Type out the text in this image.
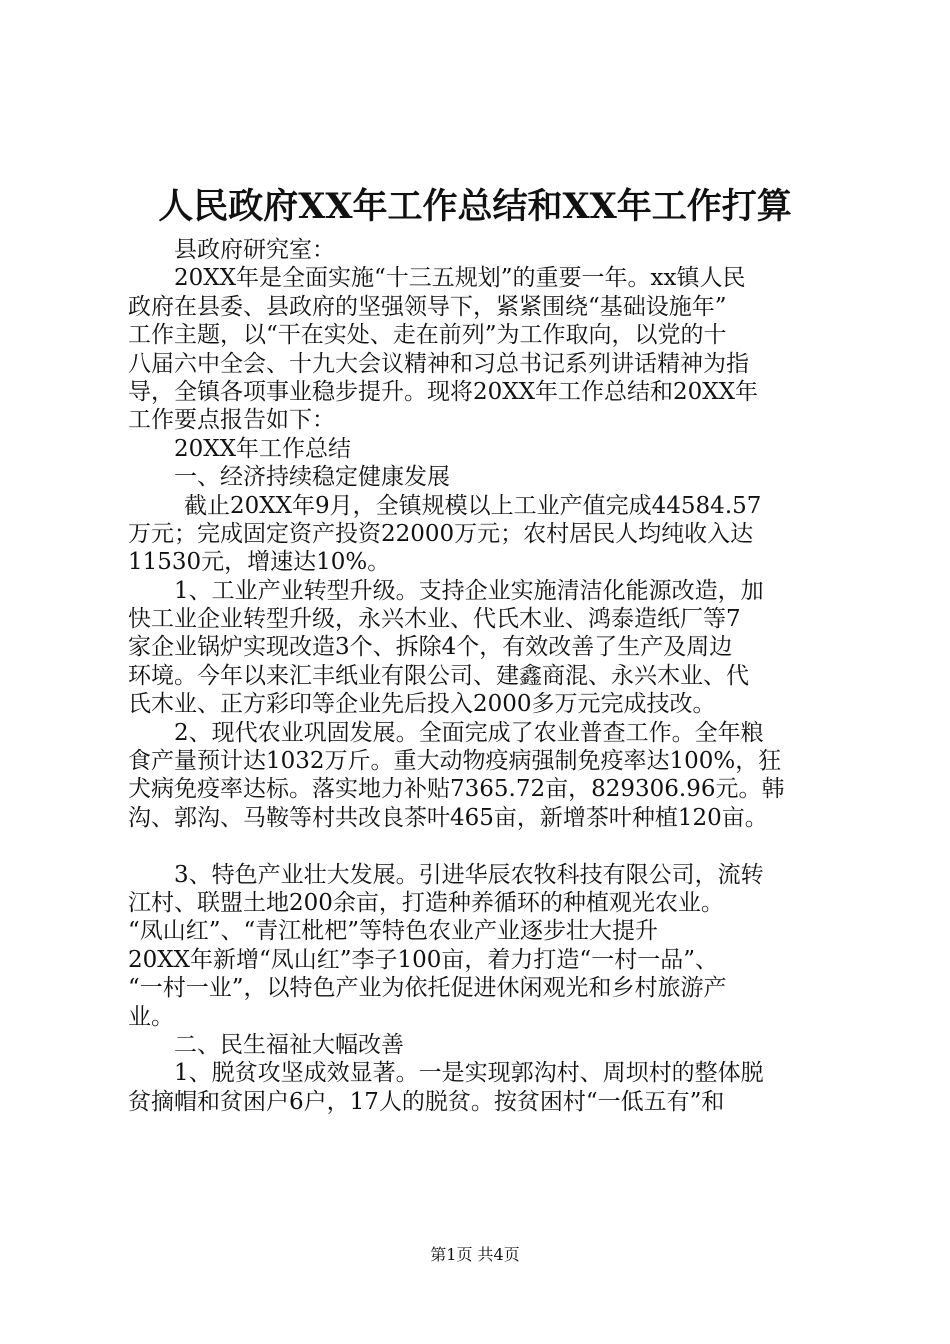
人民政府XX年工作总结和XX年工作打算
县政府研究室：
20XX年是全面实施“十三五规划”的重要一年。xx镇人民
政府在县委、县政府的坚强领导下，紧紧围绕“基础设施年”
工作主题，以“干在实处、走在前列”为工作取向，以党的十
八届六中全会、十九大会议精神和习总书记系列讲话精神为指
导，全镇各项事业稳步提升。现将20XX年工作总结和20XX年
工作要点报告如下：
20XX年工作总结
一、经济持续稳定健康发展
截止20XX年9月，全镇规模以上工业产值完成44584.57
万元；完成固定资产投资22000万元；农村居民人均纯收入达
11530元，增速达10%。
1、工业产业转型升级。支持企业实施清洁化能源改造，加
快工业企业转型升级，永兴木业、代氏木业、鸿泰造纸厂等7
家企业锅炉实现改造3个、拆除4个，有效改善了生产及周边
环境。今年以来汇丰纸业有限公司、建鑫商混、永兴木业、代
氏木业、正方彩印等企业先后投入2000多万元完成技改。
2、现代农业巩固发展。全面完成了农业普查工作。全年粮
食产量预计达1032万斤。重大动物疫病强制免疫率达100%，狂
犬病免疫率达标。落实地力补贴7365.72亩，829306.96元。韩
沟、郭沟、马鞍等村共改良茶叶465亩，新增茶叶种植120亩。
3、特色产业壮大发展。引进华辰农牧科技有限公司，流转
江村、联盟土地200余亩，打造种养循环的种植观光农业。
“凤山红”、“青江枇杷”等特色农业产业逐步壮大提升
20XX年新增“凤山红”李子100亩，着力打造“一村一品”、
“一村一业”，以特色产业为依托促进休闲观光和乡村旅游产
业。
二、民生福祉大幅改善
1、脱贫攻坚成效显著。一是实现郭沟村、周坝村的整体脱
贫摘帽和贫困户6户，17人的脱贫。按贫困村“一低五有”和
第1页 共4页
